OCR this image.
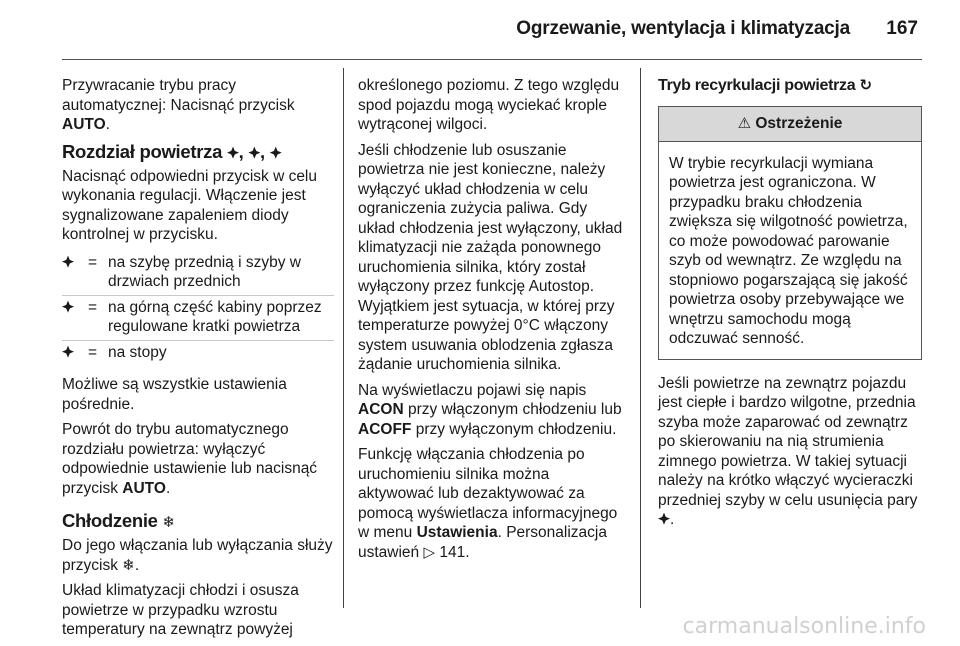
Ogrzewanie, wentylacja i klimatyzacja 167

Przywracanie trybu pracy automatycznej: Nacisnąć przycisk AUTO.

Rozdział powietrza 🟆, 🟆, 🟆

Nacisnąć odpowiedni przycisk w celu wykonania regulacji. Włączenie jest sygnalizowane zapaleniem diody kontrolnej w przycisku.

🟆 = na szybę przednią i szyby w drzwiach przednich
🟆 = na górną część kabiny poprzez regulowane kratki powietrza
🟆 = na stopy

Możliwe są wszystkie ustawienia pośrednie.

Powrót do trybu automatycznego rozdziału powietrza: wyłączyć odpowiednie ustawienie lub nacisnąć przycisk AUTO.

Chłodzenie ❄

Do jego włączania lub wyłączania służy przycisk ❄.

Układ klimatyzacji chłodzi i osusza powietrze w przypadku wzrostu temperatury na zewnątrz powyżej

określonego poziomu. Z tego względu spod pojazdu mogą wyciekać krople wytrąconej wilgoci.

Jeśli chłodzenie lub osuszanie powietrza nie jest konieczne, należy wyłączyć układ chłodzenia w celu ograniczenia zużycia paliwa. Gdy układ chłodzenia jest wyłączony, układ klimatyzacji nie zażąda ponownego uruchomienia silnika, który został wyłączony przez funkcję Autostop. Wyjątkiem jest sytuacja, w której przy temperaturze powyżej 0°C włączony system usuwania oblodzenia zgłasza żądanie uruchomienia silnika.

Na wyświetlaczu pojawi się napis ACON przy włączonym chłodzeniu lub ACOFF przy wyłączonym chłodzeniu.

Funkcję włączania chłodzenia po uruchomieniu silnika można aktywować lub dezaktywować za pomocą wyświetlacza informacyjnego w menu Ustawienia. Personalizacja ustawień ▷ 141.

Tryb recyrkulacji powietrza ↻
⚠ Ostrzeżenie
W trybie recyrkulacji wymiana powietrza jest ograniczona. W przypadku braku chłodzenia zwiększa się wilgotność powietrza, co może powodować parowanie szyb od wewnątrz. Ze względu na stopniowo pogarszającą się jakość powietrza osoby przebywające we wnętrzu samochodu mogą odczuwać senność.

Jeśli powietrze na zewnątrz pojazdu jest ciepłe i bardzo wilgotne, przednia szyba może zaparować od zewnątrz po skierowaniu na nią strumienia zimnego powietrza. W takiej sytuacji należy na krótko włączyć wycieraczki przedniej szyby w celu usunięcia pary 🟆.

carmanualsonline.info
